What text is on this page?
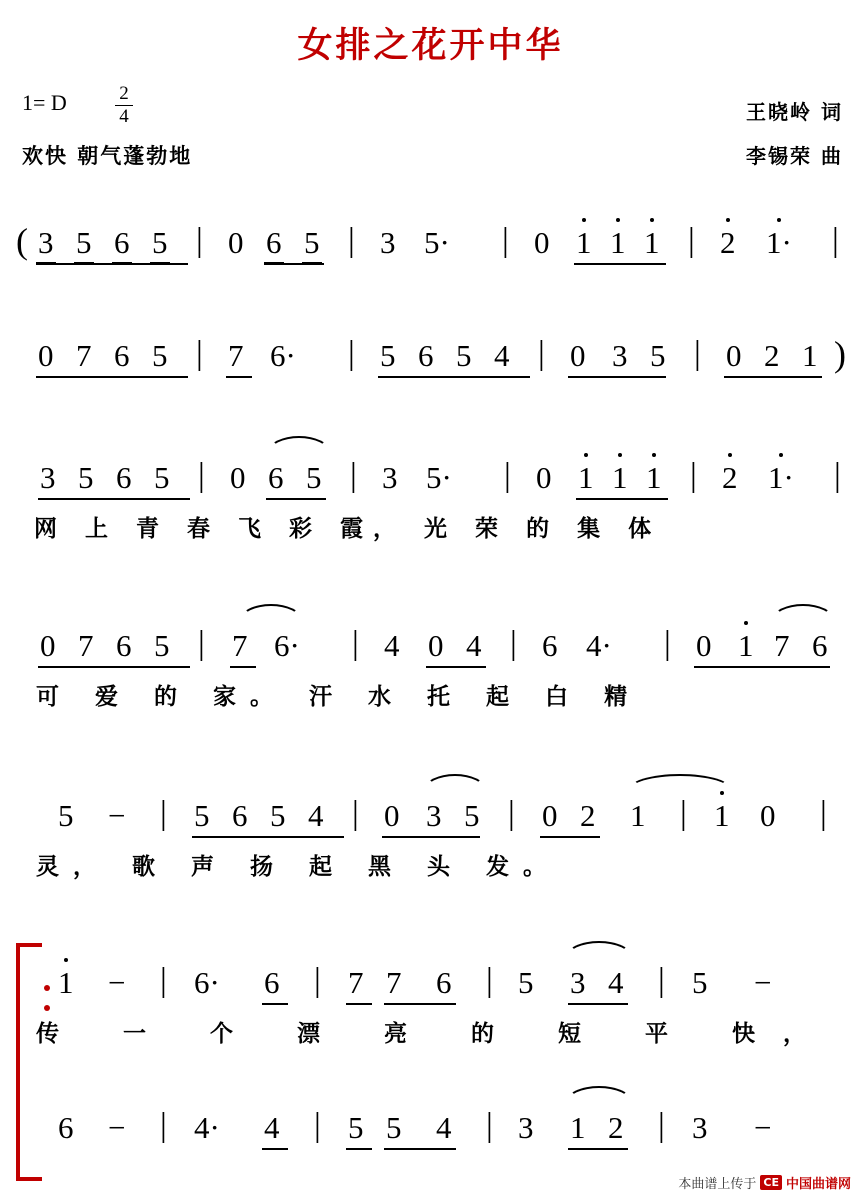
女排之花开中华
1= D	2
4
欢快 朝气蓬勃地
王晓岭 词
李锡荣 曲
( 3 5 6 5 | 0 6 5 | 3 5· | 0 1 1 1 | 2 1· |
0 7 6 5 | 7 6· | 5 6 5 4 | 0 3 5 | 0 2 1 )
3 5 6 5 | 0 6 5 | 3 5· | 0 1 1 1 | 2 1· |
网 上 青 春 飞 彩 霞， 光 荣 的 集 体
0 7 6 5 | 7 6· | 4 0 4 | 6 4· | 0 1 7 6
可 爱 的 家。 汗 水 托 起 白 精
5 − | 5 6 5 4 | 0 3 5 | 0 2 1 | 1 0 |
灵， 歌 声 扬 起 黑 头 发。
1 − | 6· 6 | 7 7 6 | 5 3 4 | 5 −
传 一 个 漂 亮 的 短 平 快，
6 − | 4· 4 | 5 5 4 | 3 1 2 | 3 −
本曲谱上传于 CE 中国曲谱网
